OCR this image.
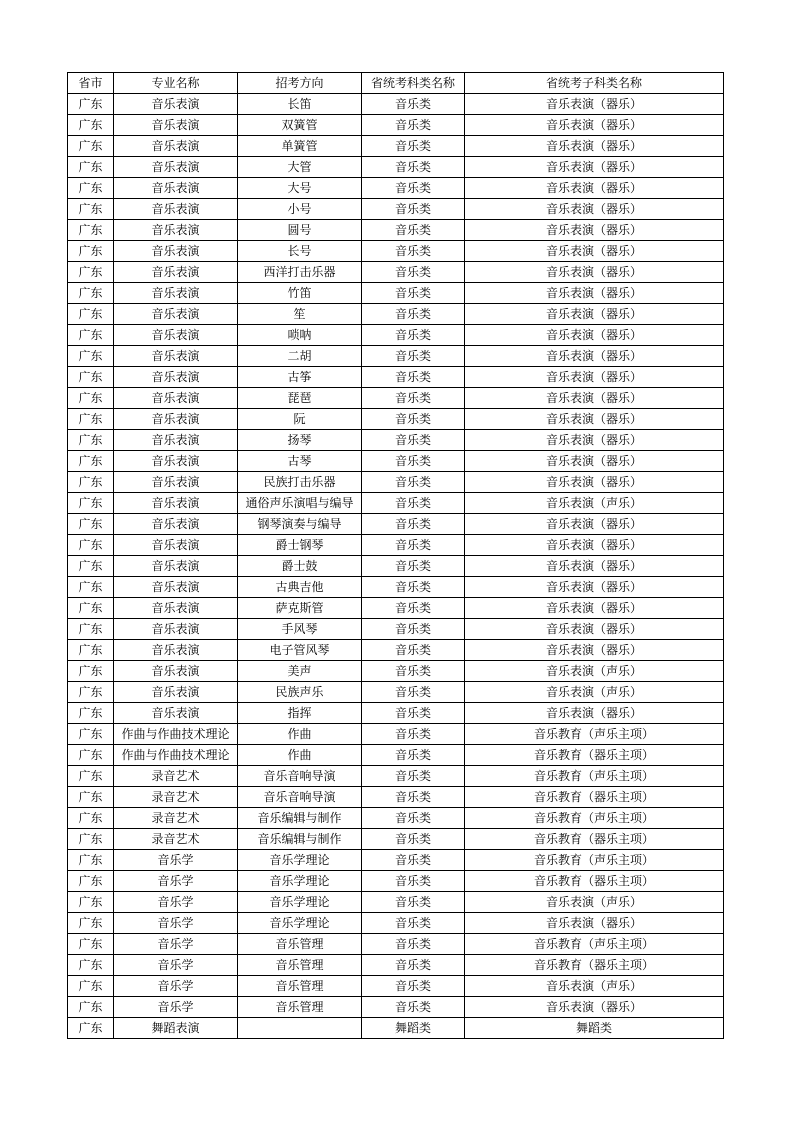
省市	专业名称	招考方向	省统考科类名称	省统考子科类名称
广东	音乐表演	长笛	音乐类	音乐表演（器乐）
广东	音乐表演	双簧管	音乐类	音乐表演（器乐）
广东	音乐表演	单簧管	音乐类	音乐表演（器乐）
广东	音乐表演	大管	音乐类	音乐表演（器乐）
广东	音乐表演	大号	音乐类	音乐表演（器乐）
广东	音乐表演	小号	音乐类	音乐表演（器乐）
广东	音乐表演	圆号	音乐类	音乐表演（器乐）
广东	音乐表演	长号	音乐类	音乐表演（器乐）
广东	音乐表演	西洋打击乐器	音乐类	音乐表演（器乐）
广东	音乐表演	竹笛	音乐类	音乐表演（器乐）
广东	音乐表演	笙	音乐类	音乐表演（器乐）
广东	音乐表演	唢呐	音乐类	音乐表演（器乐）
广东	音乐表演	二胡	音乐类	音乐表演（器乐）
广东	音乐表演	古筝	音乐类	音乐表演（器乐）
广东	音乐表演	琵琶	音乐类	音乐表演（器乐）
广东	音乐表演	阮	音乐类	音乐表演（器乐）
广东	音乐表演	扬琴	音乐类	音乐表演（器乐）
广东	音乐表演	古琴	音乐类	音乐表演（器乐）
广东	音乐表演	民族打击乐器	音乐类	音乐表演（器乐）
广东	音乐表演	通俗声乐演唱与编导	音乐类	音乐表演（声乐）
广东	音乐表演	钢琴演奏与编导	音乐类	音乐表演（器乐）
广东	音乐表演	爵士钢琴	音乐类	音乐表演（器乐）
广东	音乐表演	爵士鼓	音乐类	音乐表演（器乐）
广东	音乐表演	古典吉他	音乐类	音乐表演（器乐）
广东	音乐表演	萨克斯管	音乐类	音乐表演（器乐）
广东	音乐表演	手风琴	音乐类	音乐表演（器乐）
广东	音乐表演	电子管风琴	音乐类	音乐表演（器乐）
广东	音乐表演	美声	音乐类	音乐表演（声乐）
广东	音乐表演	民族声乐	音乐类	音乐表演（声乐）
广东	音乐表演	指挥	音乐类	音乐表演（器乐）
广东	作曲与作曲技术理论	作曲	音乐类	音乐教育（声乐主项）
广东	作曲与作曲技术理论	作曲	音乐类	音乐教育（器乐主项）
广东	录音艺术	音乐音响导演	音乐类	音乐教育（声乐主项）
广东	录音艺术	音乐音响导演	音乐类	音乐教育（器乐主项）
广东	录音艺术	音乐编辑与制作	音乐类	音乐教育（声乐主项）
广东	录音艺术	音乐编辑与制作	音乐类	音乐教育（器乐主项）
广东	音乐学	音乐学理论	音乐类	音乐教育（声乐主项）
广东	音乐学	音乐学理论	音乐类	音乐教育（器乐主项）
广东	音乐学	音乐学理论	音乐类	音乐表演（声乐）
广东	音乐学	音乐学理论	音乐类	音乐表演（器乐）
广东	音乐学	音乐管理	音乐类	音乐教育（声乐主项）
广东	音乐学	音乐管理	音乐类	音乐教育（器乐主项）
广东	音乐学	音乐管理	音乐类	音乐表演（声乐）
广东	音乐学	音乐管理	音乐类	音乐表演（器乐）
广东	舞蹈表演		舞蹈类	舞蹈类
